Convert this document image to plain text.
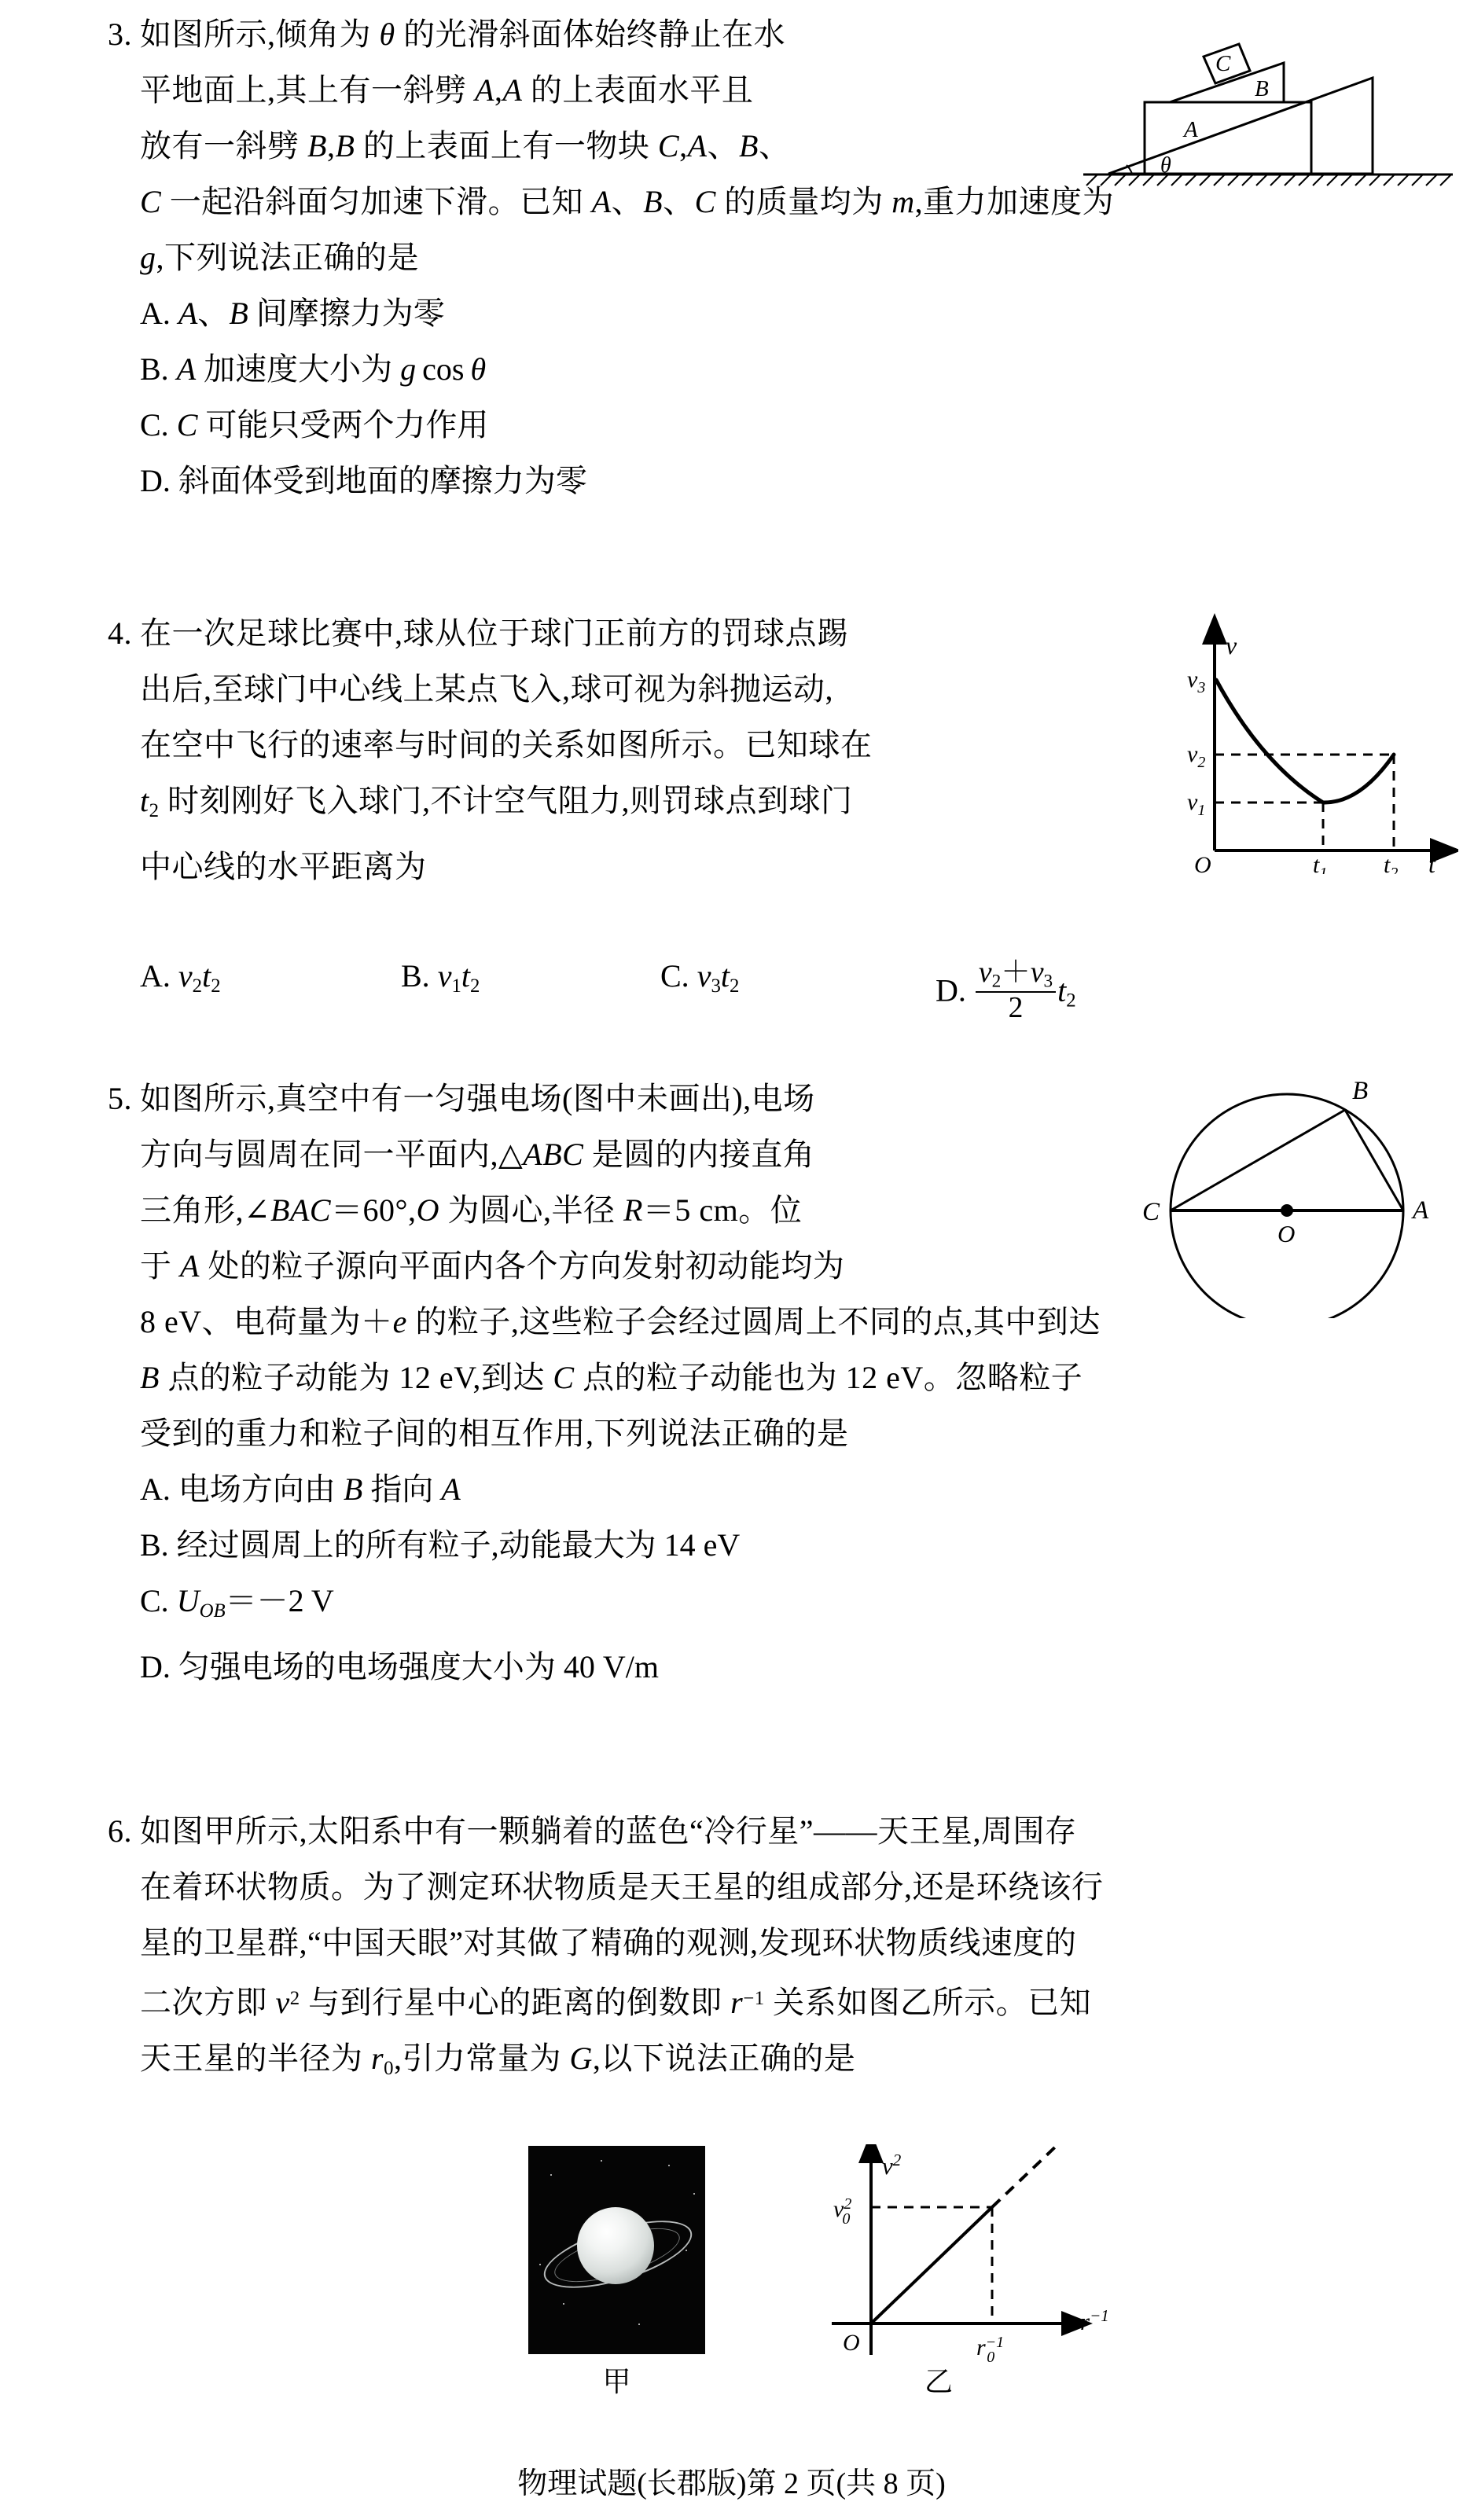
3. 如图所示,倾角为 θ 的光滑斜面体始终静止在水
平地面上,其上有一斜劈 A,A 的上表面水平且
放有一斜劈 B,B 的上表面上有一物块 C,A、B、
C 一起沿斜面匀加速下滑。已知 A、B、C 的质量均为 m,重力加速度为
g,下列说法正确的是
A. A、B 间摩擦力为零
B. A 加速度大小为 g cos θ
C. C 可能只受两个力作用
D. 斜面体受到地面的摩擦力为零
C
B
A
θ
4. 在一次足球比赛中,球从位于球门正前方的罚球点踢
出后,至球门中心线上某点飞入,球可视为斜抛运动,
在空中飞行的速率与时间的关系如图所示。已知球在
$t_2$ 时刻刚好飞入球门,不计空气阻力,则罚球点到球门
中心线的水平距离为
A. $v_2t_2$	B. $v_1t_2$	C. $v_3t_2$	D. $\frac{v_2+v_3}{2} t_2$
v
$v_3$
$v_2$
$v_1$
O	$t_1$ $t_2$ t
5. 如图所示,真空中有一匀强电场(图中未画出),电场
方向与圆周在同一平面内,△ABC 是圆的内接直角
三角形,∠BAC＝60°,O 为圆心,半径 R＝5 cm。位
于 A 处的粒子源向平面内各个方向发射初动能均为
8 eV、电荷量为＋e 的粒子,这些粒子会经过圆周上不同的点,其中到达
B 点的粒子动能为 12 eV,到达 C 点的粒子动能也为 12 eV。忽略粒子
受到的重力和粒子间的相互作用,下列说法正确的是
A. 电场方向由 B 指向 A
B. 经过圆周上的所有粒子,动能最大为 14 eV
C. $U_{OB}=-2$ V
D. 匀强电场的电场强度大小为 40 V/m
B
C	A
O
6. 如图甲所示,太阳系中有一颗躺着的蓝色“冷行星”——天王星,周围存
在着环状物质。为了测定环状物质是天王星的组成部分,还是环绕该行
星的卫星群,“中国天眼”对其做了精确的观测,发现环状物质线速度的
二次方即 $v^2$ 与到行星中心的距离的倒数即 $r^{-1}$ 关系如图乙所示。已知
天王星的半径为 $r_0$,引力常量为 G,以下说法正确的是
甲
$v^2$
$v^2$ 0
O	$r^{-1}$ 0
$r^{-1}$
乙
物理试题(长郡版)第 2 页(共 8 页)
